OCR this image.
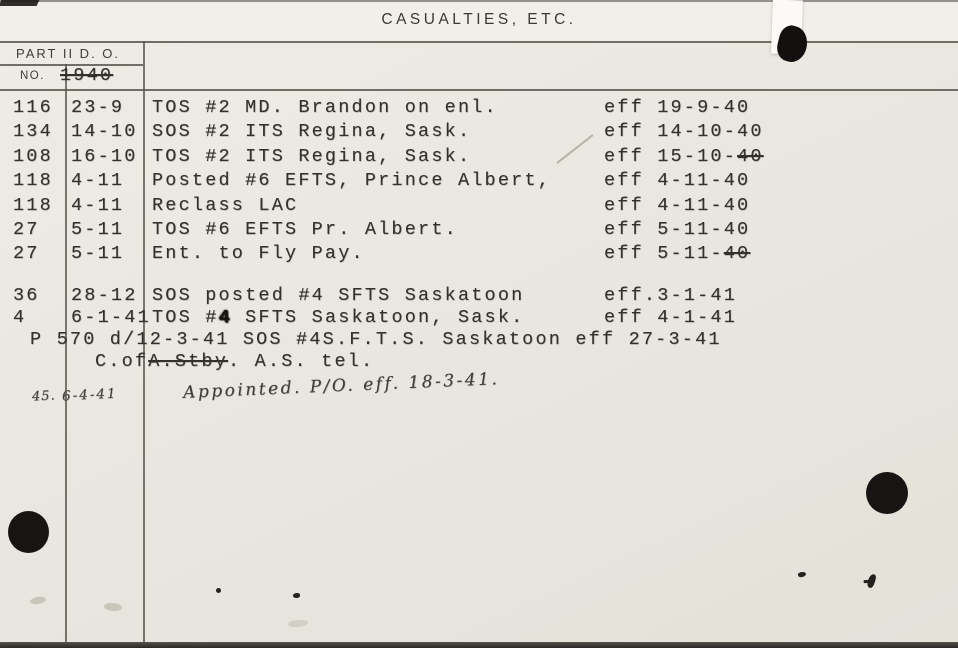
CASUALTIES, ETC.
PART II D. O.
NO. 1940
116 23-9	TOS #2 MD. Brandon on enl.	eff 19-9-40
134 14-10 SOS #2 ITS Regina, Sask.	eff 14-10-40
108 16-10 TOS #2 ITS Regina, Sask.	eff 15-10-40
118 4-11	Posted #6 EFTS, Prince Albert,	eff 4-11-40
118 4-11	Reclass LAC	eff 4-11-40
27	5-11	TOS #6 EFTS Pr. Albert.	eff 5-11-40
27	5-11	Ent. to Fly Pay.	eff 5-11-40
36	28-12 SOS posted #4 SFTS Saskatoon	eff.3-1-41
4	6-1-41 TOS #4 SFTS Saskatoon, Sask.	eff 4-1-41
P 570 d/12-3-41 SOS #4S.F.T.S. Saskatoon eff 27-3-41
C.ofA.Stby. A.S. tel.
45. 6-4-41	Appointed. P/O. eff. 18-3-41.
